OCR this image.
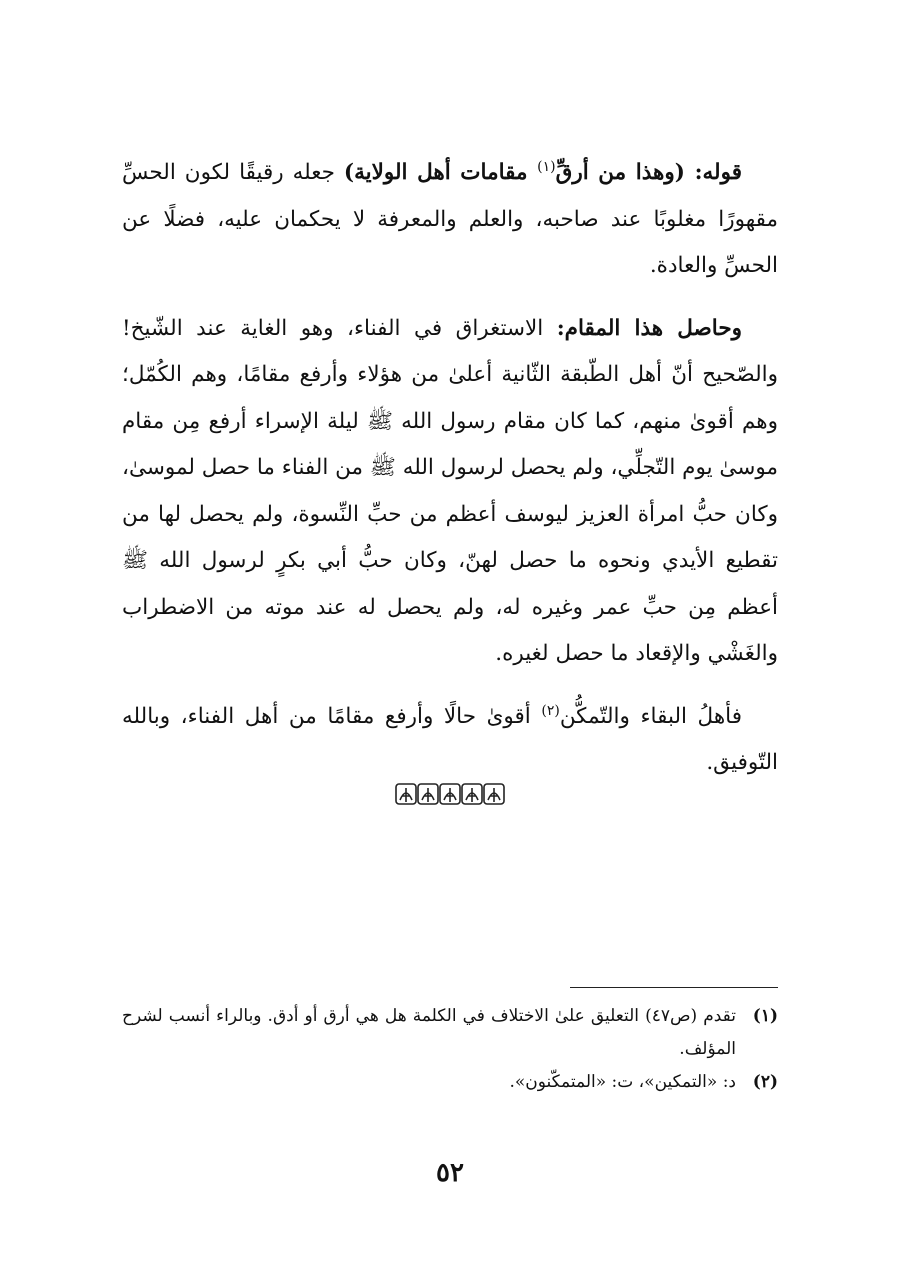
قوله: (وهذا من أرقِّ$^{(١)}$ مقامات أهل الولاية) جعله رقيقًا لكون الحسِّ مقهورًا مغلوبًا عند صاحبه، والعلم والمعرفة لا يحكمان عليه، فضلًا عن الحسِّ والعادة.

وحاصل هذا المقام: الاستغراق في الفناء، وهو الغاية عند الشّيخ! والصّحيح أنّ أهل الطّبقة الثّانية أعلىٰ من هؤلاء وأرفع مقامًا، وهم الكُمّل؛ وهم أقوىٰ منهم، كما كان مقام رسول الله ﷺ ليلة الإسراء أرفع مِن مقام موسىٰ يوم التّجلِّي، ولم يحصل لرسول الله ﷺ من الفناء ما حصل لموسىٰ، وكان حبُّ امرأة العزيز ليوسف أعظم من حبِّ النِّسوة، ولم يحصل لها من تقطيع الأيدي ونحوه ما حصل لهنّ، وكان حبُّ أبي بكرٍ لرسول الله ﷺ أعظم مِن حبِّ عمر وغيره له، ولم يحصل له عند موته من الاضطراب والغَشْي والإقعاد ما حصل لغيره.

فأهلُ البقاء والتّمكُّن$^{(٢)}$ أقوىٰ حالًا وأرفع مقامًا من أهل الفناء، وبالله التّوفيق.

(١)
تقدم (ص٤٧) التعليق علىٰ الاختلاف في الكلمة هل هي أرق أو أدق. وبالراء أنسب لشرح المؤلف.
(٢)
د: «التمكين»، ت: «المتمكّنون».
٥٢
